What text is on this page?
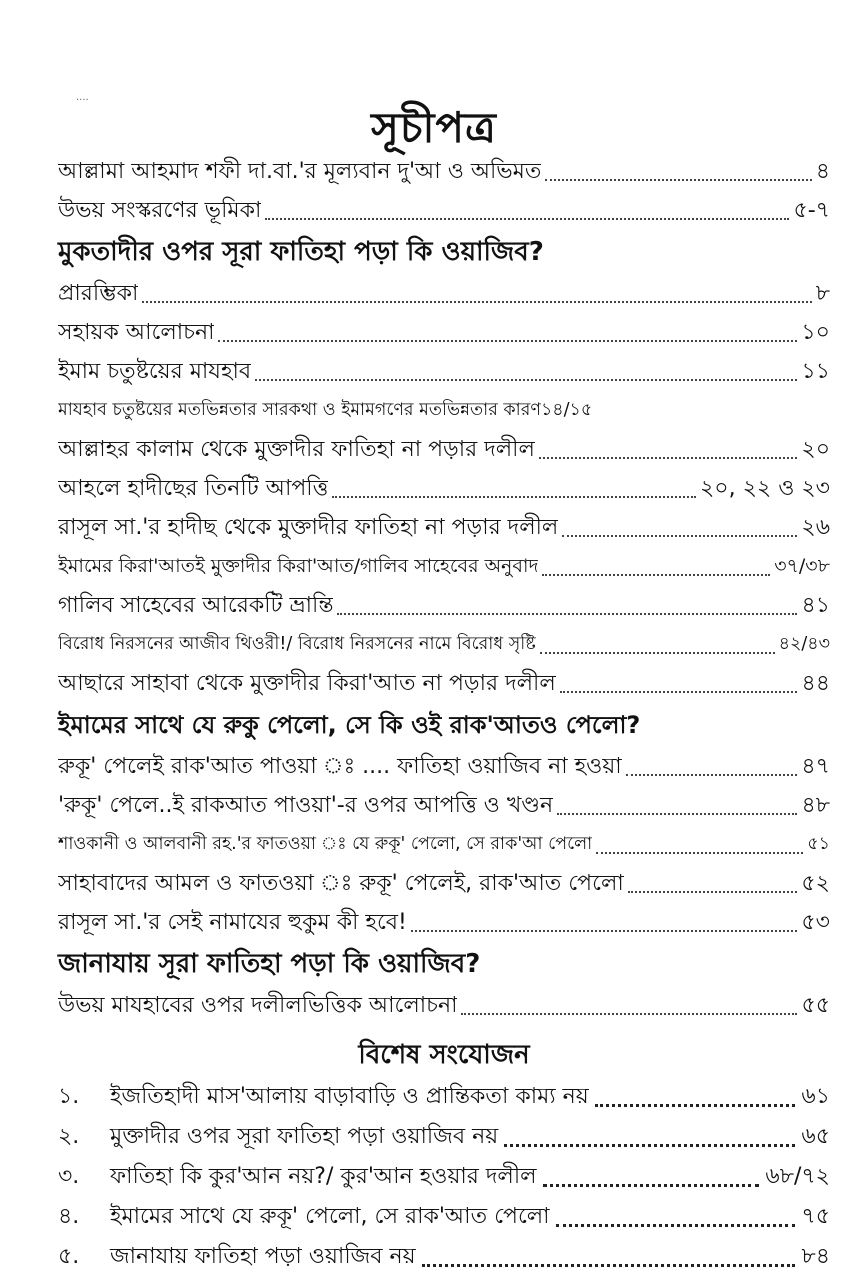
....
সূচীপত্র
আল্লামা আহমাদ শফী দা.বা.'র মূল্যবান দু'আ ও অভিমত	৪
উভয় সংস্করণের ভূমিকা	৫-৭
মুকতাদীর ওপর সূরা ফাতিহা পড়া কি ওয়াজিব?
প্রারম্ভিকা	৮
সহায়ক আলোচনা	১০
ইমাম চতুষ্টয়ের মাযহাব	১১
মাযহাব চতুষ্টয়ের মতভিন্নতার সারকথা ও ইমামগণের মতভিন্নতার কারণ ১৪/১৫
আল্লাহর কালাম থেকে মুক্তাদীর ফাতিহা না পড়ার দলীল	২০
আহলে হাদীছের তিনটি আপত্তি	২০, ২২ ও ২৩
রাসূল সা.'র হাদীছ থেকে মুক্তাদীর ফাতিহা না পড়ার দলীল	২৬
ইমামের কিরা'আতই মুক্তাদীর কিরা'আত/গালিব সাহেবের অনুবাদ	৩৭/৩৮
গালিব সাহেবের আরেকটি ভ্রান্তি	৪১
বিরোধ নিরসনের আজীব থিওরী!/ বিরোধ নিরসনের নামে বিরোধ সৃষ্টি	৪২/৪৩
আছারে সাহাবা থেকে মুক্তাদীর কিরা'আত না পড়ার দলীল	৪৪
ইমামের সাথে যে রুকু পেলো, সে কি ওই রাক'আতও পেলো?
রুকূ' পেলেই রাক'আত পাওয়া ঃ .... ফাতিহা ওয়াজিব না হওয়া	৪৭
'রুকূ' পেলে..ই রাকআত পাওয়া'-র ওপর আপত্তি ও খণ্ডন	৪৮
শাওকানী ও আলবানী রহ.'র ফাতওয়া ঃ যে রুকূ' পেলো, সে রাক'আ পেলো	৫১
সাহাবাদের আমল ও ফাতওয়া ঃ রুকূ' পেলেই, রাক'আত পেলো	৫২
রাসূল সা.'র সেই নামাযের হুকুম কী হবে!	৫৩
জানাযায় সূরা ফাতিহা পড়া কি ওয়াজিব?
উভয় মাযহাবের ওপর দলীলভিত্তিক আলোচনা	৫৫
বিশেষ সংযোজন
১.	ইজতিহাদী মাস'আলায় বাড়াবাড়ি ও প্রান্তিকতা কাম্য নয়	৬১
২.	মুক্তাদীর ওপর সূরা ফাতিহা পড়া ওয়াজিব নয়	৬৫
৩.	ফাতিহা কি কুর'আন নয়?/ কুর'আন হওয়ার দলীল	৬৮/৭২
৪.	ইমামের সাথে যে রুকূ' পেলো, সে রাক'আত পেলো	৭৫
৫.	জানাযায় ফাতিহা পড়া ওয়াজিব নয়	৮৪
